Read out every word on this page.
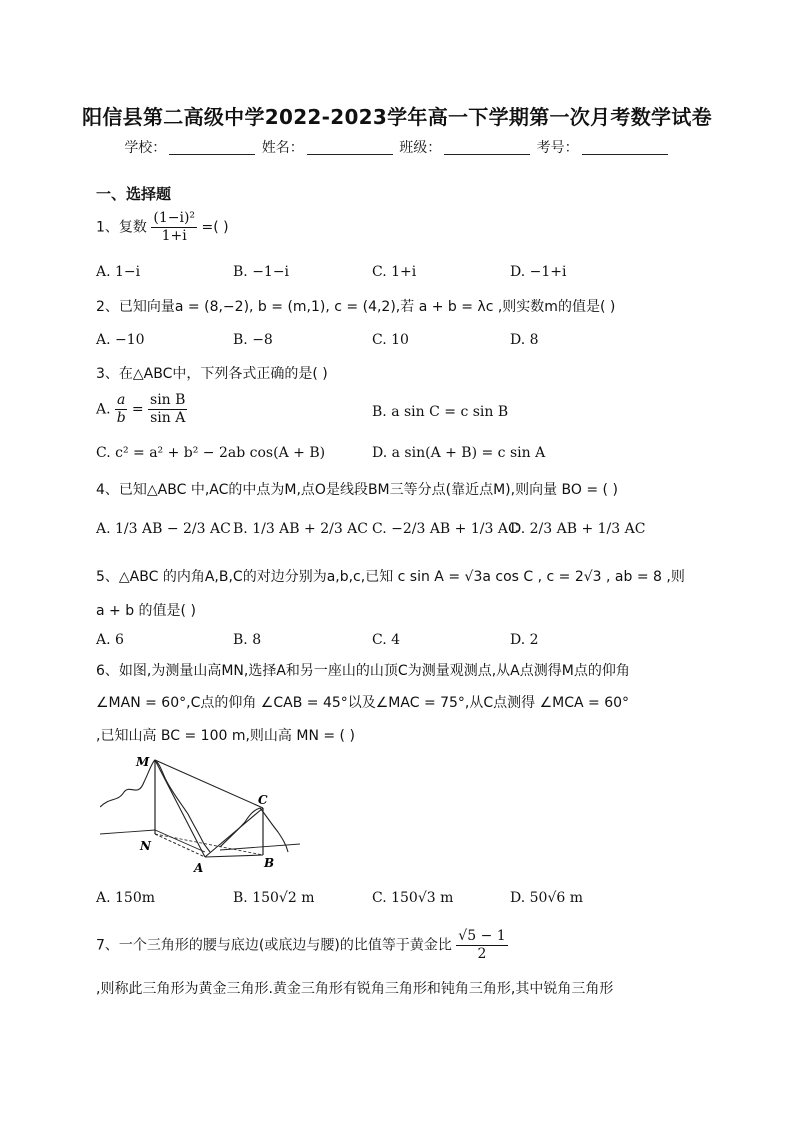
阳信县第二高级中学2022-2023学年高一下学期第一次月考数学试卷
学校：	姓名：	班级：	考号：
一、选择题
1、复数 $\frac{\text{(1−i)²}}{1+i}$ =( )
A. 1−i	B. −1−i	C. 1+i	D. −1+i
2、已知向量a = (8,−2), b = (m,1), c = (4,2),若 a + b = λc ,则实数m的值是( )
A. −10	B. −8	C. 10	D. 8
3、在△ABC中，下列各式正确的是( )
A. $\frac{a}{b} = \frac{\text{sin B}}{\text{sin A}}$	B. a sin C = c sin B
C. c² = a² + b² − 2ab cos(A + B)	D. a sin(A + B) = c sin A
4、已知△ABC 中,AC的中点为M,点O是线段BM三等分点(靠近点M),则向量 BO = ( )
A. 1/3 AB − 2/3 AC B. 1/3 AB + 2/3 AC C. −2/3 AB + 1/3 AC
D. 2/3 AB + 1/3 AC
5、△ABC 的内角A,B,C的对边分别为a,b,c,已知 c sin A = √3a cos C , c = 2√3 , ab = 8 ,则
a + b 的值是( )
A. 6	B. 8	C. 4	D. 2
6、如图,为测量山高MN,选择A和另一座山的山顶C为测量观测点,从A点测得M点的仰角
∠MAN = 60°,C点的仰角 ∠CAB = 45°以及∠MAC = 75°,从C点测得 ∠MCA = 60°
,已知山高 BC = 100 m,则山高 MN = ( )
M
C
N
A	B
A. 150m	B. 150√2 m	C. 150√3 m	D. 50√6 m
7、一个三角形的腰与底边(或底边与腰)的比值等于黄金比 $\frac{√5 - 1}{2}$
,则称此三角形为黄金三角形.黄金三角形有锐角三角形和钝角三角形,其中锐角三角形
